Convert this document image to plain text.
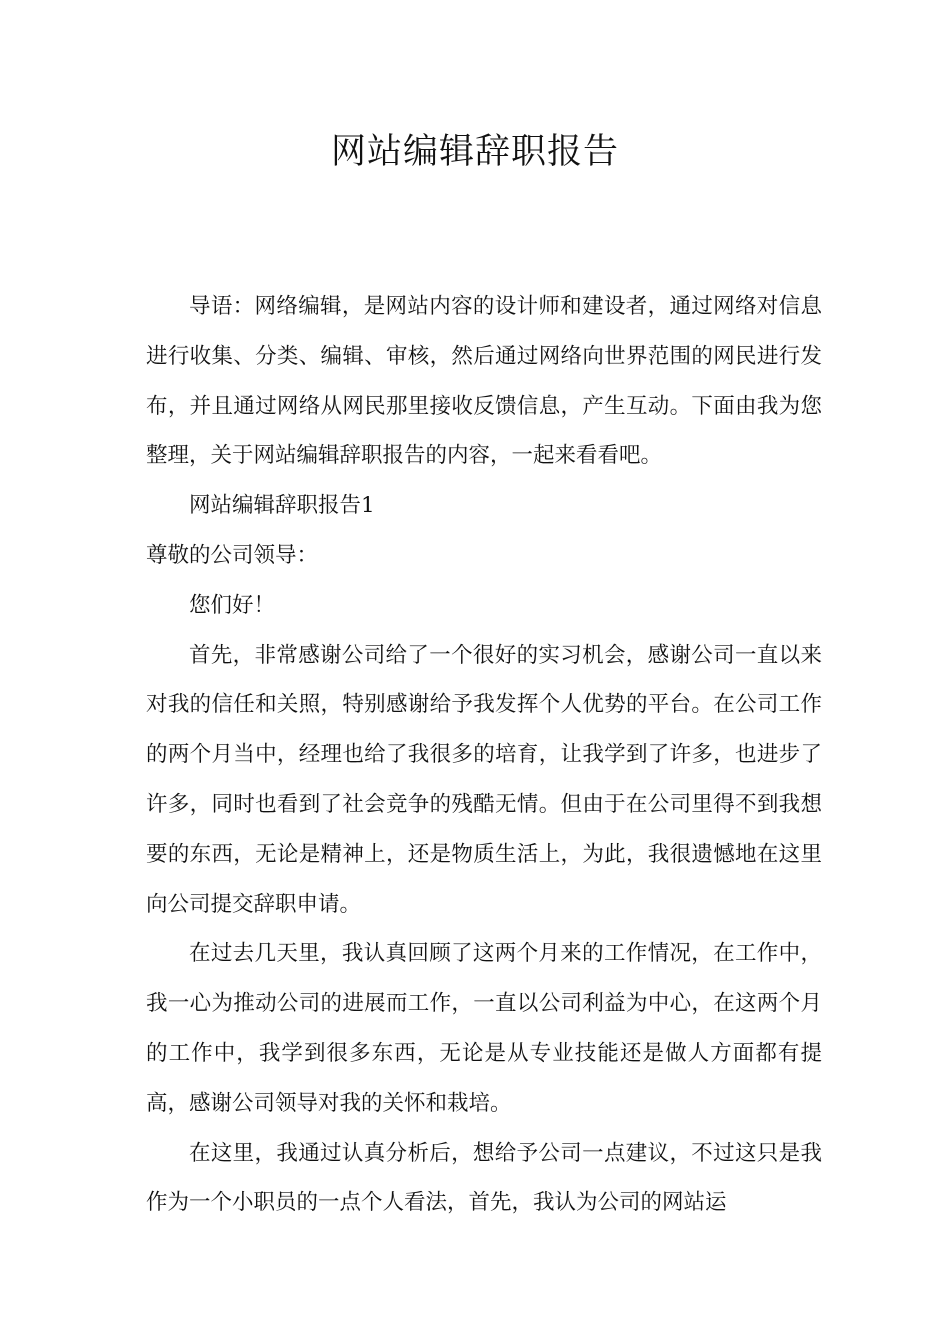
网站编辑辞职报告

导语：网络编辑，是网站内容的设计师和建设者，通过网络对信息进行收集、分类、编辑、审核，然后通过网络向世界范围的网民进行发布，并且通过网络从网民那里接收反馈信息，产生互动。下面由我为您整理，关于网站编辑辞职报告的内容，一起来看看吧。

网站编辑辞职报告1

尊敬的公司领导：

您们好！

首先，非常感谢公司给了一个很好的实习机会，感谢公司一直以来对我的信任和关照，特别感谢给予我发挥个人优势的平台。在公司工作的两个月当中，经理也给了我很多的培育，让我学到了许多，也进步了许多，同时也看到了社会竞争的残酷无情。但由于在公司里得不到我想要的东西，无论是精神上，还是物质生活上，为此，我很遗憾地在这里向公司提交辞职申请。

在过去几天里，我认真回顾了这两个月来的工作情况，在工作中，我一心为推动公司的进展而工作，一直以公司利益为中心，在这两个月的工作中，我学到很多东西，无论是从专业技能还是做人方面都有提高，感谢公司领导对我的关怀和栽培。

在这里，我通过认真分析后，想给予公司一点建议，不过这只是我作为一个小职员的一点个人看法，首先，我认为公司的网站运
